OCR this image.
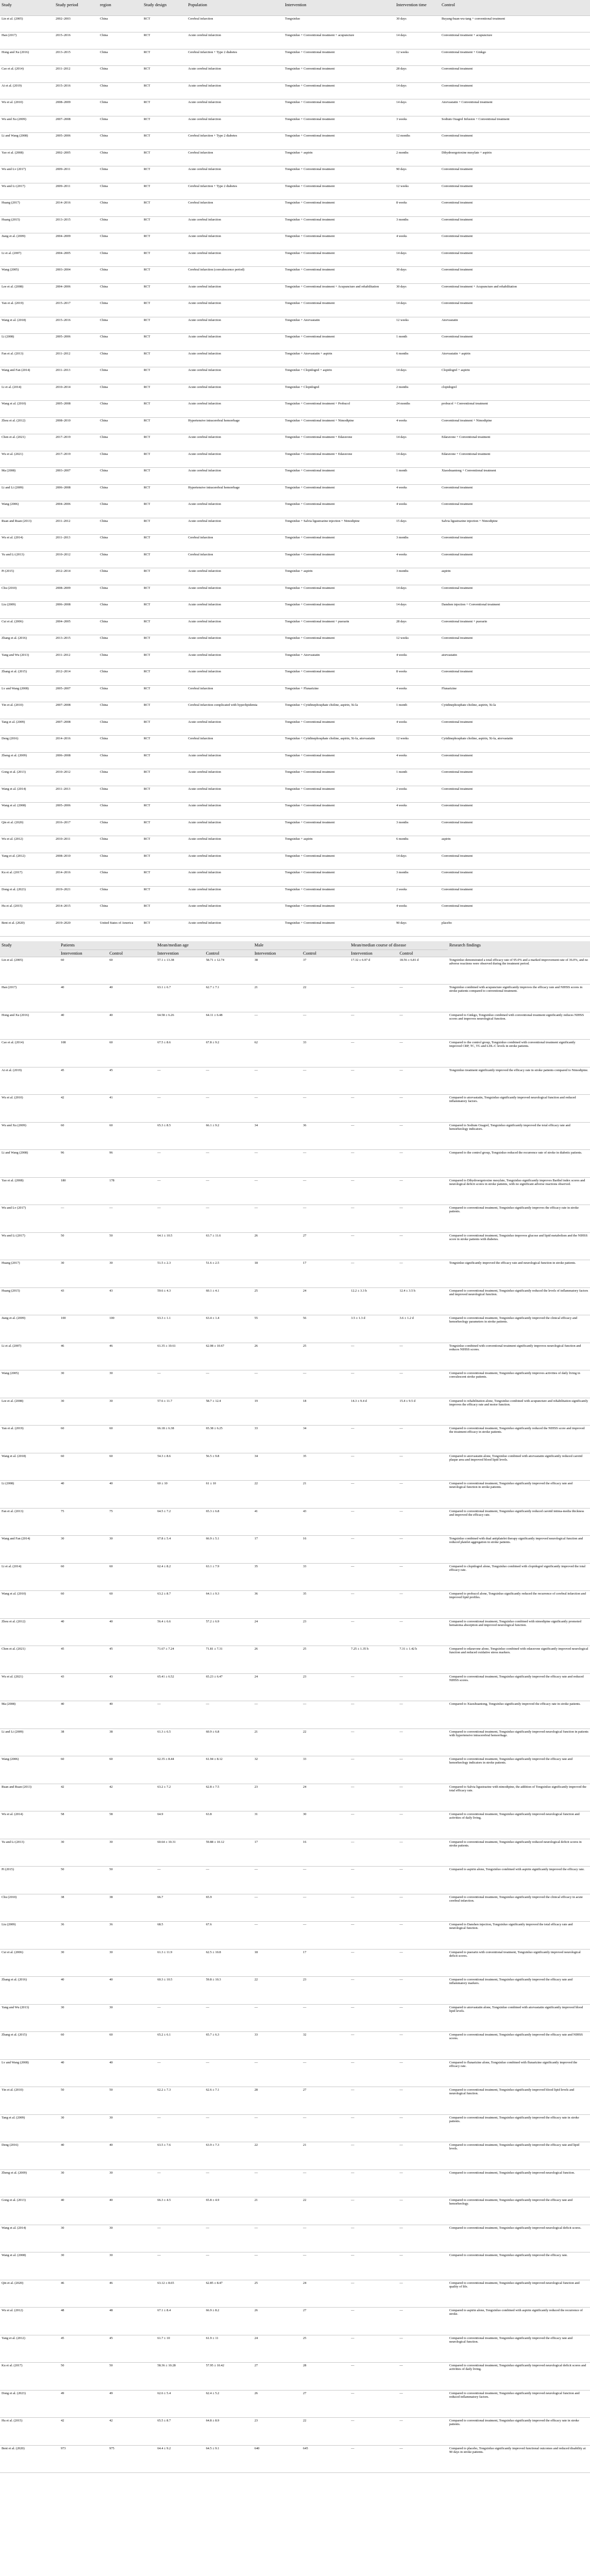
Study	Study period	region	Study design	Population	Intervention	Intervention time	Control
Lin et al. (2005)	2002–2003	China	RCT	Cerebral infarction	Tongxinluo	30 days	Buyang-huan-wu-tang + conventional treatment
Han (2017)	2015–2016	China	RCT	Acute cerebral infarction	Tongxinluo + Conventional treatment + acupuncture	14 days	Conventional treatment + acupuncture
Hong and Xu (2016)	2013–2015	China	RCT	Cerebral infarction + Type 2 diabetes	Tongxinluo + Conventional treatment	12 weeks	Conventional treatment + Ginkgo
Cao et al. (2014)	2011–2012	China	RCT	Acute cerebral infarction	Tongxinluo + Conventional treatment	28 days	Conventional treatment
Ai et al. (2019)	2015–2016	China	RCT	Acute cerebral infarction	Tongxinluo + Conventional treatment	14 days	Conventional treatment
Wu et al. (2010)	2008–2009	China	RCT	Acute cerebral infarction	Tongxinluo + Conventional treatment	14 days	Atorvastatin + Conventional treatment
Wu and Xu (2009)	2007–2008	China	RCT	Acute cerebral infarction	Tongxinluo + Conventional treatment	3 weeks	Sodium Ozagrel Infusion + Conventional treatment
Li and Wang (2008)	2005–2006	China	RCT	Cerebral infarction + Type 2 diabetes	Tongxinluo + Conventional treatment	12 months	Conventional treatment
Yao et al. (2008)	2002–2005	China	RCT	Cerebral infarction	Tongxinluo + aspirin	2 months	Dihydroergotoxine mesylate + aspirin
Wu and Lv (2017)	2009–2011	China	RCT	Acute cerebral infarction	Tongxinluo + Conventional treatment	90 days	Conventional treatment
Wu and Li (2017)	2009–2011	China	RCT	Cerebral infarction + Type 2 diabetes	Tongxinluo + Conventional treatment	12 weeks	Conventional treatment
Huang (2017)	2014–2016	China	RCT	Cerebral infarction	Tongxinluo + Conventional treatment	8 weeks	Conventional treatment
Huang (2015)	2013–2015	China	RCT	Acute cerebral infarction	Tongxinluo + Conventional treatment	3 months	Conventional treatment
Jiang et al. (2009)	2004–2009	China	RCT	Acute cerebral infarction	Tongxinluo + Conventional treatment	4 weeks	Conventional treatment
Li et al. (2007)	2004–2005	China	RCT	Acute cerebral infarction	Tongxinluo + Conventional treatment	14 days	Conventional treatment
Wang (2005)	2003–2004	China	RCT	Cerebral infarction (convalescence period)	Tongxinluo + Conventional treatment	30 days	Conventional treatment
Lee et al. (2008)	2004–2006	China	RCT	Acute cerebral infarction	Tongxinluo + Conventional treatment + Acupuncture and rehabilitation	30 days	Conventional treatment + Acupuncture and rehabilitation
Yan et al. (2019)	2015–2017	China	RCT	Acute cerebral infarction	Tongxinluo + Conventional treatment	14 days	Conventional treatment
Wang et al. (2018)	2015–2016	China	RCT	Acute cerebral infarction	Tongxinluo + Atorvastatin	12 weeks	Atorvastatin
Li (2008)	2005–2006	China	RCT	Acute cerebral infarction	Tongxinluo + Conventional treatment	1 month	Conventional treatment
Fan et al. (2013)	2011–2012	China	RCT	Acute cerebral infarction	Tongxinluo + Atorvastatin + aspirin	6 months	Atorvastatin + aspirin
Wang and Fan (2014)	2011–2013	China	RCT	Acute cerebral infarction	Tongxinluo + Clopidogrel + aspirin	14 days	Clopidogrel + aspirin
Li et al. (2014)	2010–2014	China	RCT	Acute cerebral infarction	Tongxinluo + Clopidogrel	2 months	clopidogrel
Wang et al. (2010)	2005–2008	China	RCT	Acute cerebral infarction	Tongxinluo + Conventional treatment + Probucol	24 months	probucol + Conventional treatment
Zhou et al. (2012)	2008–2010	China	RCT	Hypertensive intracerebral hemorrhage	Tongxinluo + Conventional treatment + Nimodipine	4 weeks	Conventional treatment + Nimodipine
Chen et al. (2021)	2017–2019	China	RCT	Acute cerebral infarction	Tongxinluo + Conventional treatment + Edaravone	14 days	Edaravone + Conventional treatment
Wu et al. (2021)	2017–2019	China	RCT	Acute cerebral infarction	Tongxinluo + Conventional treatment + Edaravone	14 days	Edaravone + Conventional treatment
Ma (2008)	2003–2007	China	RCT	Acute cerebral infarction	Tongxinluo + Conventional treatment	1 month	Xiaoshuantong + Conventional treatment
Li and Li (2009)	2006–2008	China	RCT	Hypertensive intracerebral hemorrhage	Tongxinluo + Conventional treatment	4 weeks	Conventional treatment
Wang (2006)	2004–2006	China	RCT	Acute cerebral infarction	Tongxinluo + Conventional treatment	4 weeks	Conventional treatment
Ruan and Ruan (2013)	2011–2012	China	RCT	Acute cerebral infarction	Tongxinluo + Salvia ligustrazine injection + Nimodipine	15 days	Salvia ligustrazine injection + Nimodipine
Wu et al. (2014)	2011–2013	China	RCT	Cerebral infarction	Tongxinluo + Conventional treatment	3 months	Conventional treatment
Yu and Li (2013)	2010–2012	China	RCT	Cerebral infarction	Tongxinluo + Conventional treatment	4 weeks	Conventional treatment
Pi (2015)	2012–2014	China	RCT	Acute cerebral infarction	Tongxinluo + aspirin	3 months	aspirin
Chu (2010)	2008–2009	China	RCT	Acute cerebral infarction	Tongxinluo + Conventional treatment	14 days	Conventional treatment
Liu (2009)	2006–2008	China	RCT	Acute cerebral infarction	Tongxinluo + Conventional treatment	14 days	Danshen injection + Conventional treatment
Cui et al. (2006)	2004–2005	China	RCT	Acute cerebral infarction	Tongxinluo + Conventional treatment + puerarin	28 days	Conventional treatment + puerarin
Zhang et al. (2016)	2013–2015	China	RCT	Acute cerebral infarction	Tongxinluo + Conventional treatment	12 weeks	Conventional treatment
Yang and Wu (2013)	2011–2012	China	RCT	Acute cerebral infarction	Tongxinluo + Atorvastatin	4 weeks	atorvastatin
Zhang et al. (2015)	2012–2014	China	RCT	Acute cerebral infarction	Tongxinluo + Conventional treatment	8 weeks	Conventional treatment
Lv and Wang (2008)	2005–2007	China	RCT	Cerebral infarction	Tongxinluo + Flunarizine	4 weeks	Flunarizine
Yin et al. (2010)	2007–2008	China	RCT	Cerebral infarction complicated with hyperlipidemia	Tongxinluo + Cytidinephosphate choline, aspirin, Xi-la	1 month	Cytidinephosphate choline, aspirin, Xi-la
Tang et al. (2009)	2007–2008	China	RCT	Acute cerebral infarction	Tongxinluo + Conventional treatment	4 weeks	Conventional treatment
Deng (2016)	2014–2016	China	RCT	Cerebral infarction	Tongxinluo + Cytidinephosphate choline, aspirin, Xi-la, atorvastatin	12 weeks	Cytidinephosphate choline, aspirin, Xi-la, atorvastatin
Zheng et al. (2009)	2006–2008	China	RCT	Acute cerebral infarction	Tongxinluo + Conventional treatment	4 weeks	Conventional treatment
Gong et al. (2013)	2010–2012	China	RCT	Acute cerebral infarction	Tongxinluo + Conventional treatment	1 month	Conventional treatment
Wang et al. (2014)	2011–2013	China	RCT	Acute cerebral infarction	Tongxinluo + Conventional treatment	2 weeks	Conventional treatment
Wang et al. (2008)	2005–2006	China	RCT	Acute cerebral infarction	Tongxinluo + Conventional treatment	4 weeks	Conventional treatment
Qin et al. (2020)	2016–2017	China	RCT	Acute cerebral infarction	Tongxinluo + Conventional treatment	3 months	Conventional treatment
Wu et al. (2012)	2010–2011	China	RCT	Acute cerebral infarction	Tongxinluo + aspirin	6 months	aspirin
Yang et al. (2012)	2008–2010	China	RCT	Acute cerebral infarction	Tongxinluo + Conventional treatment	14 days	Conventional treatment
Ku et al. (2017)	2014–2016	China	RCT	Acute cerebral infarction	Tongxinluo + Conventional treatment	3 months	Conventional treatment
Dong et al. (2023)	2019–2021	China	RCT	Acute cerebral infarction	Tongxinluo + Conventional treatment	2 weeks	Conventional treatment
Hu et al. (2015)	2014–2015	China	RCT	Acute cerebral infarction	Tongxinluo + Conventional treatment	4 weeks	Conventional treatment
Bent et al. (2020)	2019–2020	United States of America	RCT	Acute cerebral infarction	Tongxinluo + Conventional treatment	90 days	placebo
Study	Patients		Mean/median age		Male		Mean/median course of disease		Research findings
	Intervention	Control	Intervention	Control	Intervention	Control	Intervention	Control	
Lin et al. (2005)	60	60	57.1 ± 13.38	58.71 ± 12.74	38	37	17.32 ± 6.97 d	18.56 ± 6.81 d	Tongxinluo demonstrated a total efficacy rate of 95.0% and a marked improvement rate of 36.0%, and no adverse reactions were observed during the treatment period.
Han (2017)	40	40	63.1 ± 6.7	62.7 ± 7.1	21	22	—	—	Tongxinluo combined with acupuncture significantly improves the efficacy rate and NIHSS scores in stroke patients compared to conventional treatment.
Hong and Xu (2016)	40	40	64.58 ± 6.26	64.11 ± 6.48	—	—	—	—	Compared to Ginkgo, Tongxinluo combined with conventional treatment significantly reduces NIHSS scores and improves neurological function.
Cao et al. (2014)	108	60	67.5 ± 8.6	67.8 ± 9.2	62	33	—	—	Compared to the control group, Tongxinluo combined with conventional treatment significantly improved CRP, TC, TG and LDL-C levels in stroke patients.
Ai et al. (2019)	45	45	—	—	—	—	—	—	Tongxinluo treatment significantly improved the efficacy rate in stroke patients compared to Nimodipine.
Wu et al. (2010)	42	41	—	—	—	—	—	—	Compared to atorvastatin, Tongxinluo significantly improved neurological function and reduced inflammatory factors.
Wu and Xu (2009)	60	60	65.3 ± 8.5	66.1 ± 9.2	34	36	—	—	Compared to Sodium Ozagrel, Tongxinluo significantly improved the total efficacy rate and hemorheology indicators.
Li and Wang (2008)	96	96	—	—	—	—	—	—	Compared to the control group, Tongxinluo reduced the recurrence rate of stroke in diabetic patients.
Yao et al. (2008)	180	178	—	—	—	—	—	—	Compared to Dihydroergotoxine mesylate, Tongxinluo significantly improves Barthel index scores and neurological deficit scores in stroke patients, with no significant adverse reactions observed.
Wu and Lv (2017)	—	—	—	—	—	—	—	—	Compared to conventional treatment, Tongxinluo significantly improves the efficacy rate in stroke patients.
Wu and Li (2017)	50	50	64.1 ± 10.5	63.7 ± 11.6	26	27	—	—	Compared to conventional treatment, Tongxinluo improves glucose and lipid metabolism and the NIHSS score in stroke patients with diabetes.
Huang (2017)	30	30	51.5 ± 2.3	51.6 ± 2.5	18	17	—	—	Tongxinluo significantly improved the efficacy rate and neurological function in stroke patients.
Huang (2015)	43	43	59.6 ± 4.3	60.1 ± 4.1	25	24	12.2 ± 3.3 h	12.4 ± 3.5 h	Compared to conventional treatment, Tongxinluo significantly reduced the levels of inflammatory factors and improved neurological function.
Jiang et al. (2009)	100	100	63.3 ± 1.1	63.4 ± 1.4	55	56	3.5 ± 1.3 d	3.6 ± 1.2 d	Compared to conventional treatment, Tongxinluo significantly improved the clinical efficacy and hemorheology parameters in stroke patients.
Li et al. (2007)	46	46	61.35 ± 10.61	62.08 ± 10.67	26	25	—	—	Tongxinluo combined with conventional treatment significantly improves neurological function and reduces NIHSS scores.
Wang (2005)	30	30	—	—	—	—	—	—	Compared to conventional treatment, Tongxinluo significantly improves activities of daily living in convalescent stroke patients.
Lee et al. (2008)	30	30	57.6 ± 11.7	58.7 ± 12.4	19	18	14.3 ± 9.4 d	15.4 ± 9.5 d	Compared to rehabilitation alone, Tongxinluo combined with acupuncture and rehabilitation significantly improves the efficacy rate and motor function.
Yan et al. (2019)	60	60	66.18 ± 6.38	65.38 ± 6.25	33	34	—	—	Compared to conventional treatment, Tongxinluo significantly reduced the NIHSS score and improved the treatment efficacy in stroke patients.
Wang et al. (2018)	60	60	54.3 ± 8.6	56.5 ± 9.8	34	35	—	—	Compared to atorvastatin alone, Tongxinluo combined with atorvastatin significantly reduced carotid plaque area and improved blood lipid levels.
Li (2008)	40	40	60 ± 10	61 ± 10	22	21	—	—	Compared to conventional treatment, Tongxinluo significantly improved the efficacy rate and neurological function in stroke patients.
Fan et al. (2013)	75	75	64.5 ± 7.2	65.3 ± 6.8	41	43	—	—	Compared to conventional treatment, Tongxinluo significantly reduced carotid intima-media thickness and improved the efficacy rate.
Wang and Fan (2014)	30	30	67.8 ± 5.4	66.9 ± 5.1	17	16	—	—	Tongxinluo combined with dual antiplatelet therapy significantly improved neurological function and reduced platelet aggregation in stroke patients.
Li et al. (2014)	60	60	62.4 ± 8.2	63.1 ± 7.9	35	33	—	—	Compared to clopidogrel alone, Tongxinluo combined with clopidogrel significantly improved the total efficacy rate.
Wang et al. (2010)	60	60	63.2 ± 8.7	64.1 ± 9.3	36	35	—	—	Compared to probucol alone, Tongxinluo significantly reduced the recurrence of cerebral infarction and improved lipid profiles.
Zhou et al. (2012)	40	40	56.4 ± 6.6	57.2 ± 6.9	24	23	—	—	Compared to conventional treatment, Tongxinluo combined with nimodipine significantly promoted hematoma absorption and improved neurological function.
Chen et al. (2021)	45	45	71.67 ± 7.24	71.81 ± 7.31	26	25	7.25 ± 1.35 h	7.31 ± 1.42 h	Compared to edaravone alone, Tongxinluo combined with edaravone significantly improved neurological function and reduced oxidative stress markers.
Wu et al. (2021)	43	43	65.41 ± 6.52	65.23 ± 6.47	24	23	—	—	Compared to conventional treatment, Tongxinluo significantly improved the efficacy rate and reduced NIHSS scores.
Ma (2008)	40	40	—	—	—	—	—	—	Compared to Xiaoshuantong, Tongxinluo significantly improved the efficacy rate in stroke patients.
Li and Li (2009)	38	38	61.3 ± 6.5	60.9 ± 6.8	21	22	—	—	Compared to conventional treatment, Tongxinluo significantly improved neurological function in patients with hypertensive intracerebral hemorrhage.
Wang (2006)	60	60	62.35 ± 8.44	61.94 ± 8.12	32	33	—	—	Compared to conventional treatment, Tongxinluo significantly improved the efficacy rate and hemorheology indicators in stroke patients.
Ruan and Ruan (2013)	42	42	63.2 ± 7.2	62.8 ± 7.5	23	24	—	—	Compared to Salvia ligustrazine with nimodipine, the addition of Tongxinluo significantly improved the total efficacy rate.
Wu et al. (2014)	58	58	64.9	63.8	31	30	—	—	Compared to conventional treatment, Tongxinluo significantly improved neurological function and activities of daily living.
Yu and Li (2013)	30	30	60.64 ± 10.31	59.88 ± 10.12	17	16	—	—	Compared to conventional treatment, Tongxinluo significantly reduced neurological deficit scores in stroke patients.
Pi (2015)	50	50	—	—	—	—	—	—	Compared to aspirin alone, Tongxinluo combined with aspirin significantly improved the efficacy rate.
Chu (2010)	38	38	66.7	65.9	—	—	—	—	Compared to conventional treatment, Tongxinluo significantly improved the clinical efficacy in acute cerebral infarction.
Liu (2009)	36	36	68.5	67.6	—	—	—	—	Compared to Danshen injection, Tongxinluo significantly improved the total efficacy rate and neurological function.
Cui et al. (2006)	30	30	61.3 ± 11.9	62.5 ± 10.8	18	17	—	—	Compared to puerarin with conventional treatment, Tongxinluo significantly improved neurological deficit scores.
Zhang et al. (2016)	40	40	60.3 ± 10.5	59.8 ± 10.3	22	23	—	—	Compared to conventional treatment, Tongxinluo significantly improved the efficacy rate and inflammatory markers.
Yang and Wu (2013)	30	30	—	—	—	—	—	—	Compared to atorvastatin alone, Tongxinluo combined with atorvastatin significantly improved blood lipid levels.
Zhang et al. (2015)	60	60	65.2 ± 6.1	65.7 ± 6.3	33	32	—	—	Compared to conventional treatment, Tongxinluo significantly improved the efficacy rate and NIHSS scores.
Lv and Wang (2008)	40	40	—	—	—	—	—	—	Compared to flunarizine alone, Tongxinluo combined with flunarizine significantly improved the efficacy rate.
Yin et al. (2010)	50	50	62.2 ± 7.3	62.6 ± 7.1	28	27	—	—	Compared to conventional treatment, Tongxinluo significantly improved blood lipid levels and neurological function.
Tang et al. (2009)	30	30	—	—	—	—	—	—	Compared to conventional treatment, Tongxinluo significantly improved the efficacy rate in stroke patients.
Deng (2016)	40	40	63.5 ± 7.6	63.9 ± 7.3	22	21	—	—	Compared to conventional treatment, Tongxinluo significantly improved the efficacy rate and lipid levels.
Zheng et al. (2009)	30	30	—	—	—	—	—	—	Compared to conventional treatment, Tongxinluo significantly improved neurological function.
Gong et al. (2013)	40	40	66.3 ± 4.5	65.8 ± 4.9	21	22	—	—	Compared to conventional treatment, Tongxinluo significantly improved the efficacy rate and hemorheology.
Wang et al. (2014)	30	30	—	—	—	—	—	—	Compared to conventional treatment, Tongxinluo significantly improved neurological deficit scores.
Wang et al. (2008)	30	30	—	—	—	—	—	—	Compared to conventional treatment, Tongxinluo significantly improved the efficacy rate.
Qin et al. (2020)	46	46	63.12 ± 8.65	62.85 ± 8.47	25	24	—	—	Compared to conventional treatment, Tongxinluo significantly improved neurological function and quality of life.
Wu et al. (2012)	48	48	67.1 ± 8.4	66.9 ± 8.2	26	27	—	—	Compared to aspirin alone, Tongxinluo combined with aspirin significantly reduced the recurrence of stroke.
Yang et al. (2012)	45	45	61.7 ± 10	61.9 ± 11	24	25	—	—	Compared to conventional treatment, Tongxinluo significantly improved the efficacy rate and neurological function.
Ku et al. (2017)	50	50	58.36 ± 10.28	57.95 ± 10.42	27	28	—	—	Compared to conventional treatment, Tongxinluo significantly improved neurological deficit scores and activities of daily living.
Dong et al. (2023)	49	49	62.6 ± 5.4	62.4 ± 5.2	26	27	—	—	Compared to conventional treatment, Tongxinluo significantly improved neurological function and reduced inflammatory factors.
Hu et al. (2015)	42	42	65.5 ± 8.7	64.8 ± 8.9	23	22	—	—	Compared to conventional treatment, Tongxinluo significantly improved the efficacy rate in stroke patients.
Bent et al. (2020)	973	975	64.4 ± 9.2	64.5 ± 9.1	640	645	—	—	Compared to placebo, Tongxinluo significantly improved functional outcomes and reduced disability at 90 days in stroke patients.
